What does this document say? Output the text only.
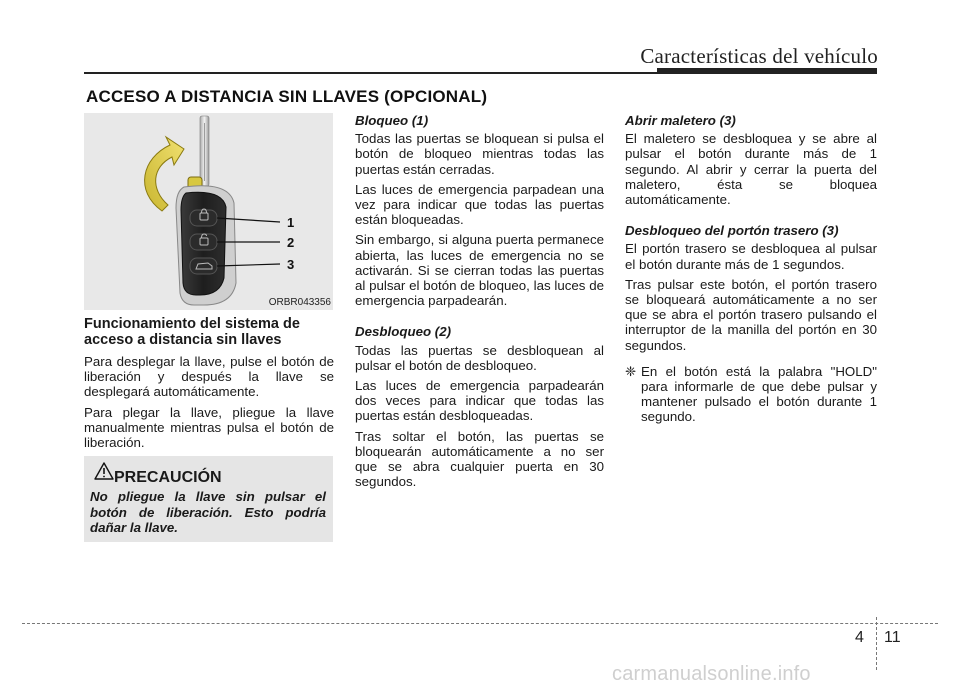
Características del vehículo
ACCESO A DISTANCIA SIN LLAVES (OPCIONAL)
1
2
3
ORBR043356
Funcionamiento del sistema de acceso a distancia sin llaves

Para desplegar la llave, pulse el botón de liberación y después la llave se desplegará automáticamente.

Para plegar la llave, pliegue la llave manualmente mientras pulsa el botón de liberación.

PRECAUCIÓN
No pliegue la llave sin pulsar el botón de liberación. Esto podría dañar la llave.
Bloqueo (1)

Todas las puertas se bloquean si pulsa el botón de bloqueo mientras todas las puertas están cerradas.

Las luces de emergencia parpadean una vez para indicar que todas las puertas están bloqueadas.

Sin embargo, si alguna puerta permanece abierta, las luces de emergencia no se activarán. Si se cierran todas las puertas al pulsar el botón de bloqueo, las luces de emergencia parpadearán.

Desbloqueo (2)

Todas las puertas se desbloquean al pulsar el botón de desbloqueo.

Las luces de emergencia parpadearán dos veces para indicar que todas las puertas están desbloqueadas.

Tras soltar el botón, las puertas se bloquearán automáticamente a no ser que se abra cualquier puerta en 30 segundos.

Abrir maletero (3)

El maletero se desbloquea y se abre al pulsar el botón durante más de 1 segundo. Al abrir y cerrar la puerta del maletero, ésta se bloquea automáticamente.

Desbloqueo del portón trasero (3)

El portón trasero se desbloquea al pulsar el botón durante más de 1 segundos.

Tras pulsar este botón, el portón trasero se bloqueará automáticamente a no ser que se abra el portón trasero pulsando el interruptor de la manilla del portón en 30 segundos.

❈ En el botón está la palabra "HOLD" para informarle de que debe pulsar y mantener pulsado el botón durante 1 segundo.
4 11
carmanualsonline.info
